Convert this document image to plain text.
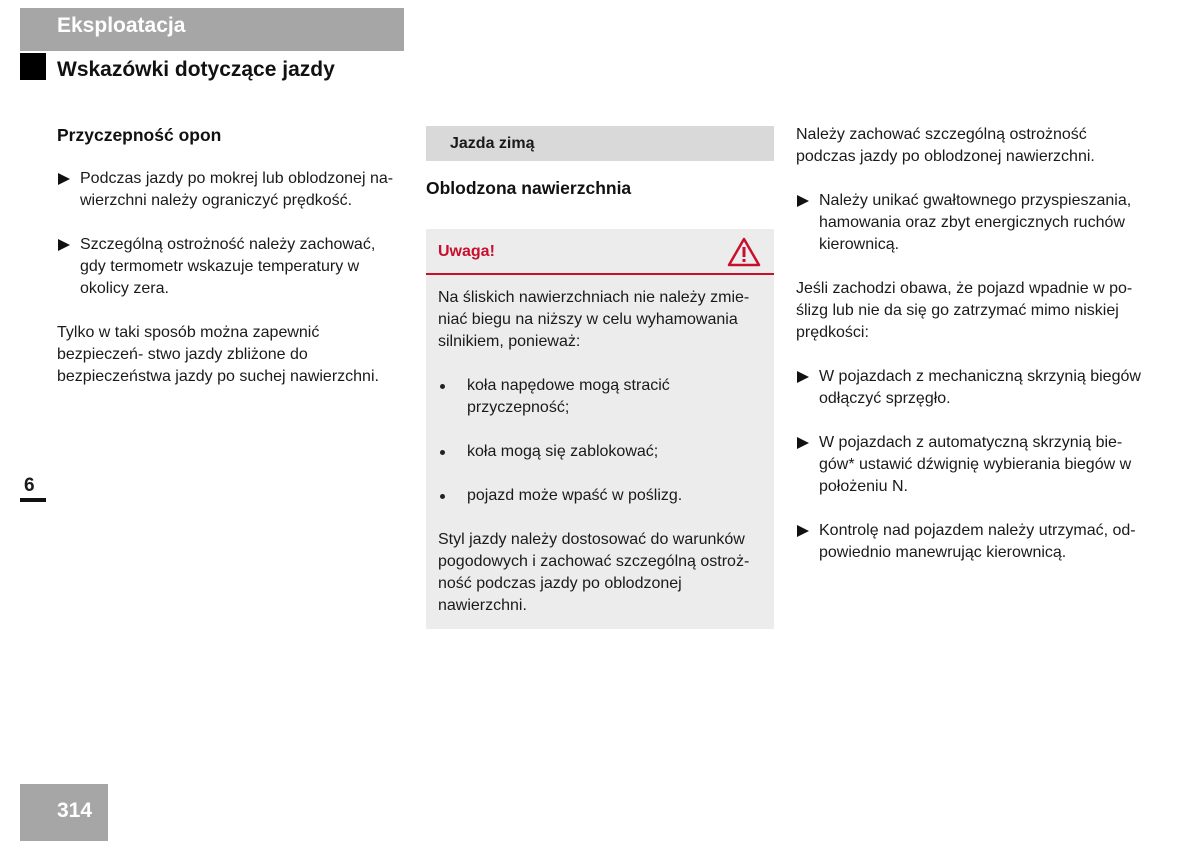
Eksploatacja
Wskazówki dotyczące jazdy
Przyczepność opon
Podczas jazdy po mokrej lub oblodzonej na- wierzchni należy ograniczyć prędkość.
Szczególną ostrożność należy zachować, gdy termometr wskazuje temperatury w okolicy zera.
Tylko w taki sposób można zapewnić bezpieczeń- stwo jazdy zbliżone do bezpieczeństwa jazdy po suchej nawierzchni.
Jazda zimą
Oblodzona nawierzchnia
Uwaga!
Na śliskich nawierzchniach nie należy zmie- niać biegu na niższy w celu wyhamowania silnikiem, ponieważ:
koła napędowe mogą stracić przyczepność;
koła mogą się zablokować;
pojazd może wpaść w poślizg.
Styl jazdy należy dostosować do warunków pogodowych i zachować szczególną ostroż- ność podczas jazdy po oblodzonej nawierzchni.
Należy zachować szczególną ostrożność podczas jazdy po oblodzonej nawierzchni.
Należy unikać gwałtownego przyspieszania, hamowania oraz zbyt energicznych ruchów kierownicą.
Jeśli zachodzi obawa, że pojazd wpadnie w po- ślizg lub nie da się go zatrzymać mimo niskiej prędkości:
W pojazdach z mechaniczną skrzynią biegów odłączyć sprzęgło.
W pojazdach z automatyczną skrzynią bie- gów* ustawić dźwignię wybierania biegów w położeniu N.
Kontrolę nad pojazdem należy utrzymać, od- powiednio manewrując kierownicą.
6
314
